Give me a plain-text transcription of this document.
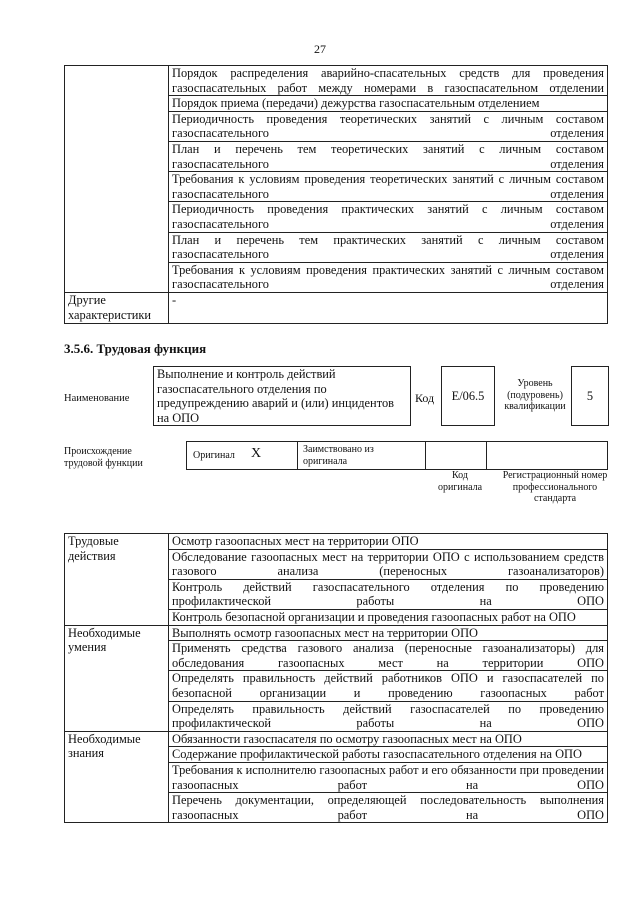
27
	Порядок распределения аварийно-спасательных средств для проведения газоспасательных работ между номерами в газоспасательном отделении
	Порядок приема (передачи) дежурства газоспасательным отделением
	Периодичность проведения теоретических занятий с личным составом газоспасательного отделения
	План и перечень тем теоретических занятий с личным составом газоспасательного отделения
	Требования к условиям проведения теоретических занятий с личным составом газоспасательного отделения
	Периодичность проведения практических занятий с личным составом газоспасательного отделения
	План и перечень тем практических занятий с личным составом газоспасательного отделения
	Требования к условиям проведения практических занятий с личным составом газоспасательного отделения
Другие характеристики	-
3.5.6. Трудовая функция
Наименование
Выполнение и контроль действий газоспасательного отделения по предупреждению аварий и (или) инцидентов на ОПО
Код	E/06.5
Уровень (подуровень) квалификации
5
Происхождение трудовой функции
Оригинал X	Заимствовано из оригинала
Код оригинала
Регистрационный номер профессионального стандарта
Трудовые действия	Осмотр газоопасных мест на территории ОПО
	Обследование газоопасных мест на территории ОПО с использованием средств газового анализа (переносных газоанализаторов)
	Контроль действий газоспасательного отделения по проведению профилактической работы на ОПО
	Контроль безопасной организации и проведения газоопасных работ на ОПО
Необходимые умения	Выполнять осмотр газоопасных мест на территории ОПО
	Применять средства газового анализа (переносные газоанализаторы) для обследования газоопасных мест на территории ОПО
	Определять правильность действий работников ОПО и газоспасателей по безопасной организации и проведению газоопасных работ
	Определять правильность действий газоспасателей по проведению профилактической работы на ОПО
Необходимые знания	Обязанности газоспасателя по осмотру газоопасных мест на ОПО
	Содержание профилактической работы газоспасательного отделения на ОПО
	Требования к исполнителю газоопасных работ и его обязанности при проведении газоопасных работ на ОПО
	Перечень документации, определяющей последовательность выполнения газоопасных работ на ОПО
